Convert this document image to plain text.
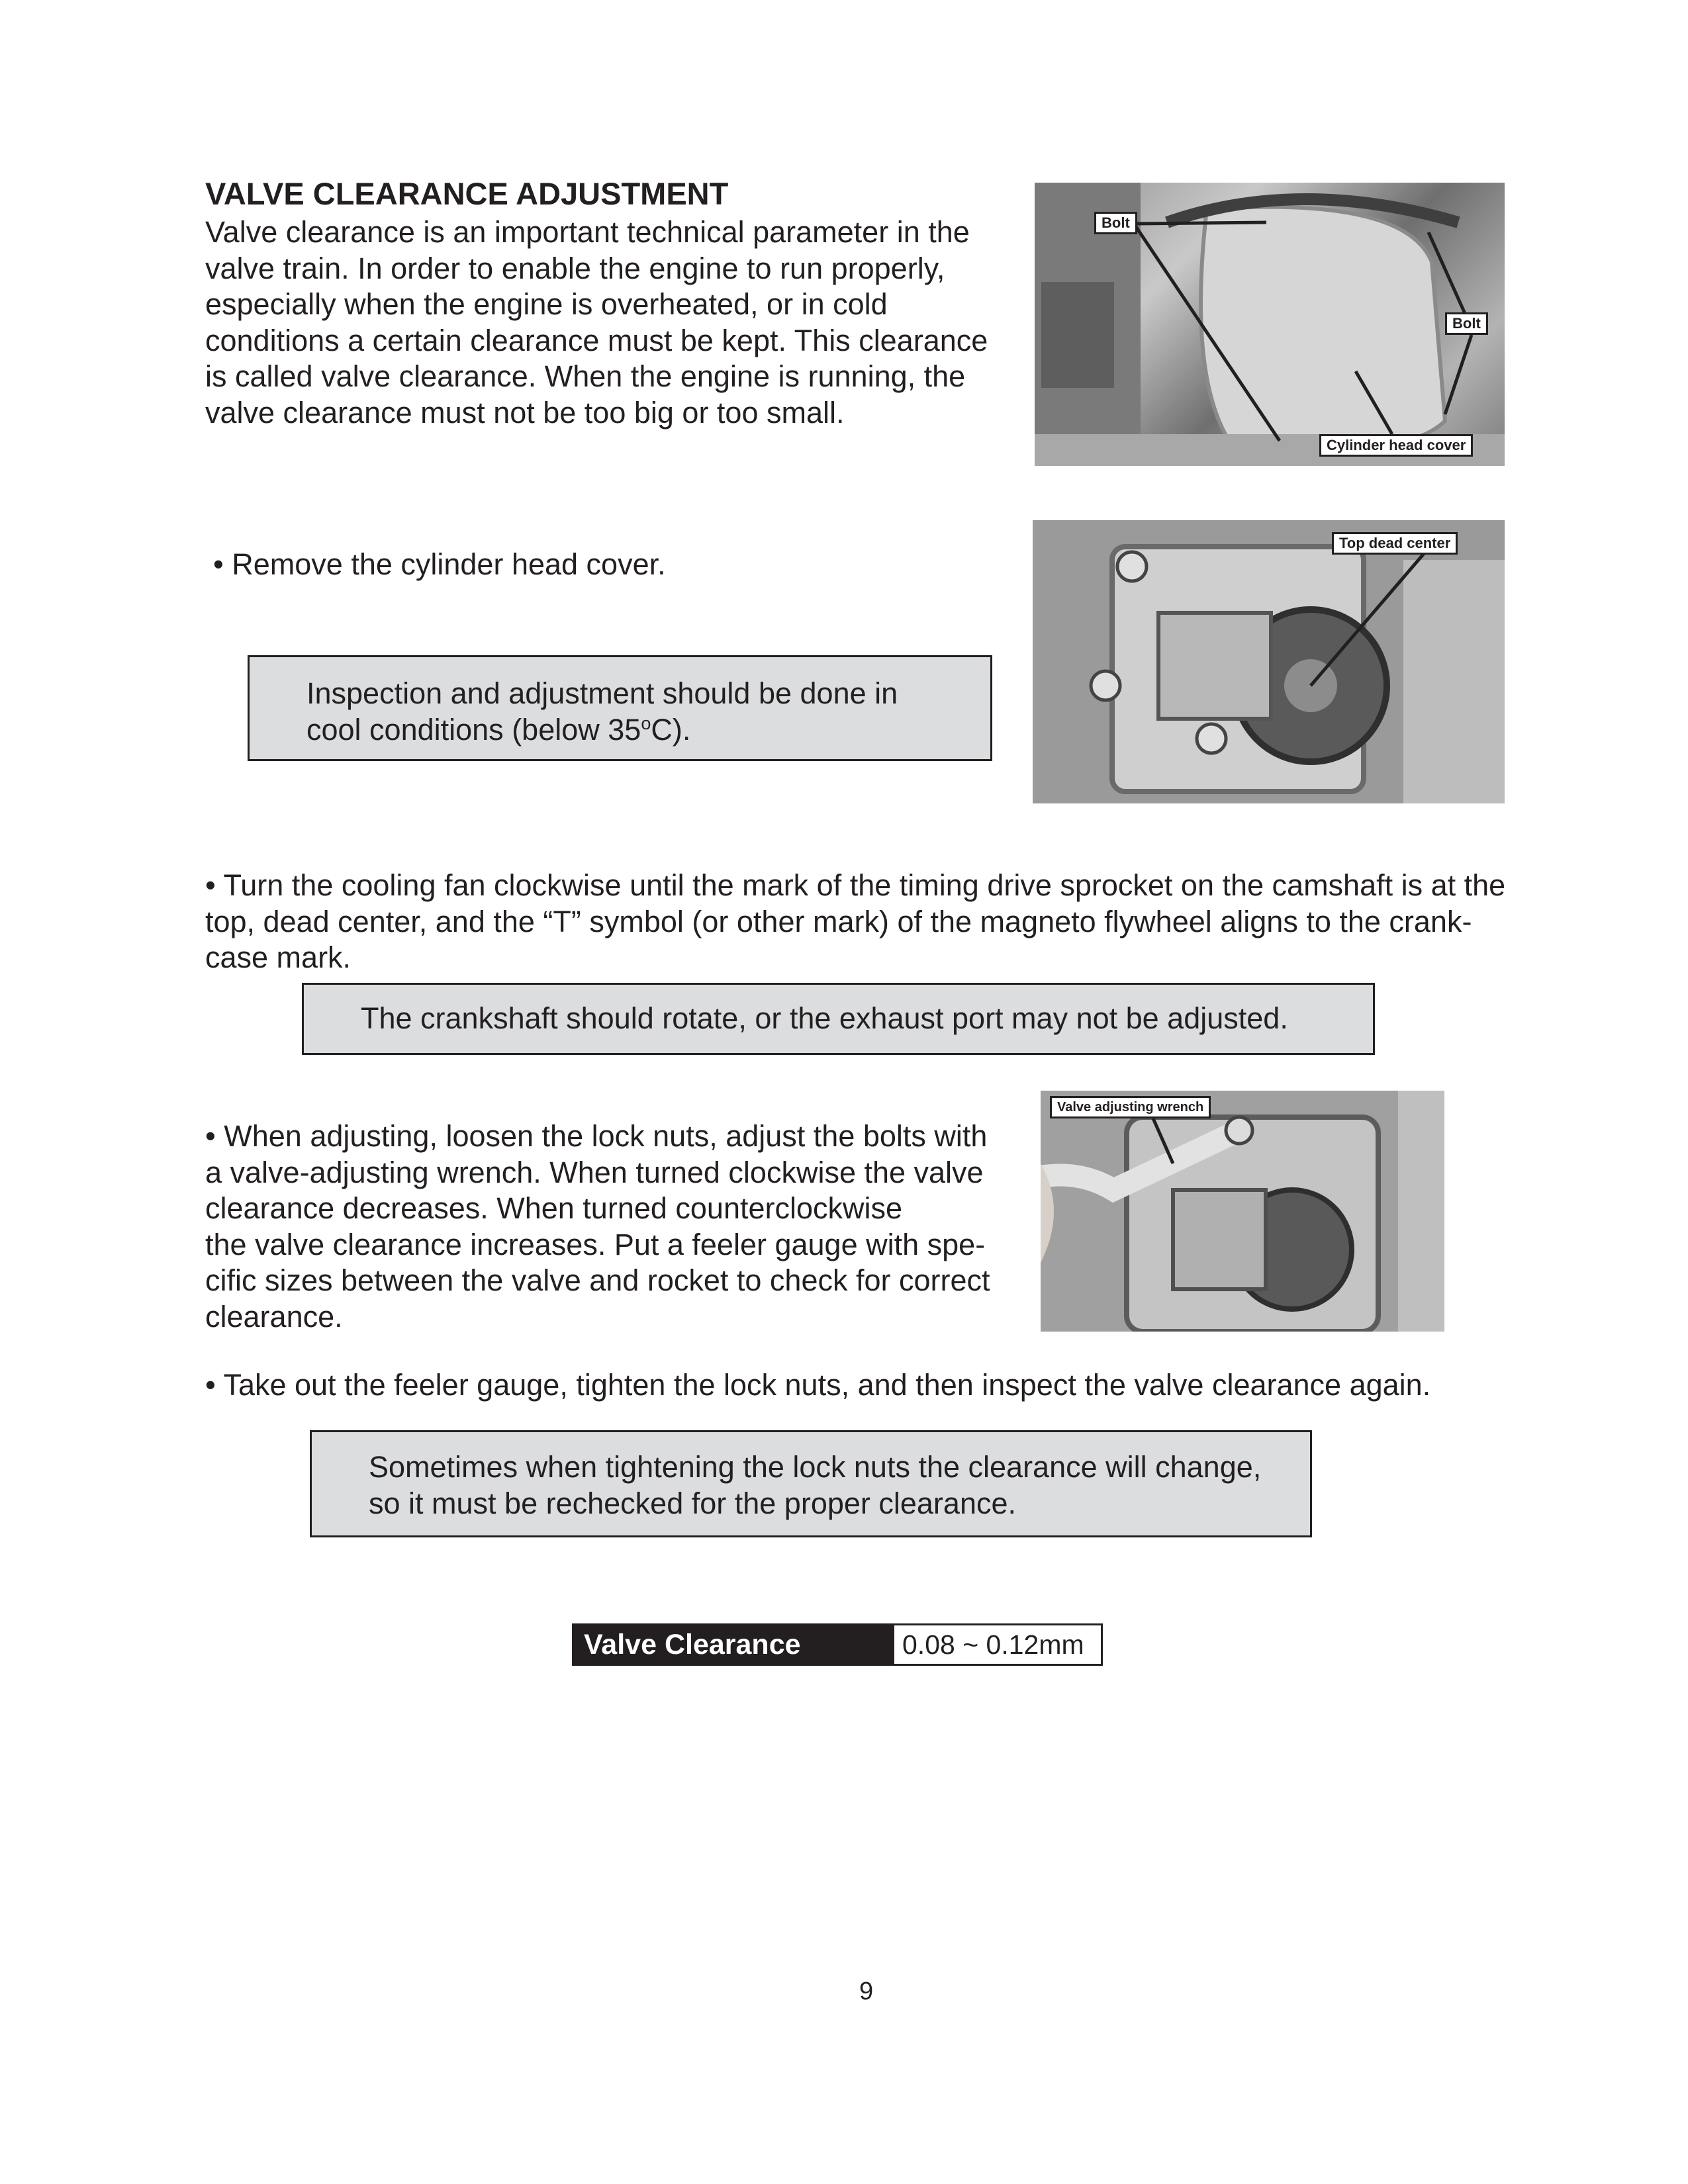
VALVE CLEARANCE ADJUSTMENT
Valve clearance is an important technical parameter in the
valve train. In order to enable the engine to run properly,
especially when the engine is overheated, or in cold
conditions a certain clearance must be kept. This clearance
is called valve clearance. When the engine is running, the
valve clearance must not be too big or too small.
Bolt
Bolt
Cylinder head cover
• Remove the cylinder head cover.
Top dead center
Inspection and adjustment should be done in
cool conditions (below 35$^o$C).
• Turn the cooling fan clockwise until the mark of the timing drive sprocket on the camshaft is at the
top, dead center, and the “T” symbol (or other mark) of the magneto flywheel aligns to the crank-
case mark.
The crankshaft should rotate, or the exhaust port may not be adjusted.
• When adjusting, loosen the lock nuts, adjust the bolts with
a valve-adjusting wrench. When turned clockwise the valve
clearance decreases. When turned counterclockwise
the valve clearance increases. Put a feeler gauge with spe-
cific sizes between the valve and rocket to check for correct
clearance.
Valve adjusting wrench
• Take out the feeler gauge, tighten the lock nuts, and then inspect the valve clearance again.
Sometimes when tightening the lock nuts the clearance will change,
so it must be rechecked for the proper clearance.
Valve Clearance	0.08 ~ 0.12mm
9
